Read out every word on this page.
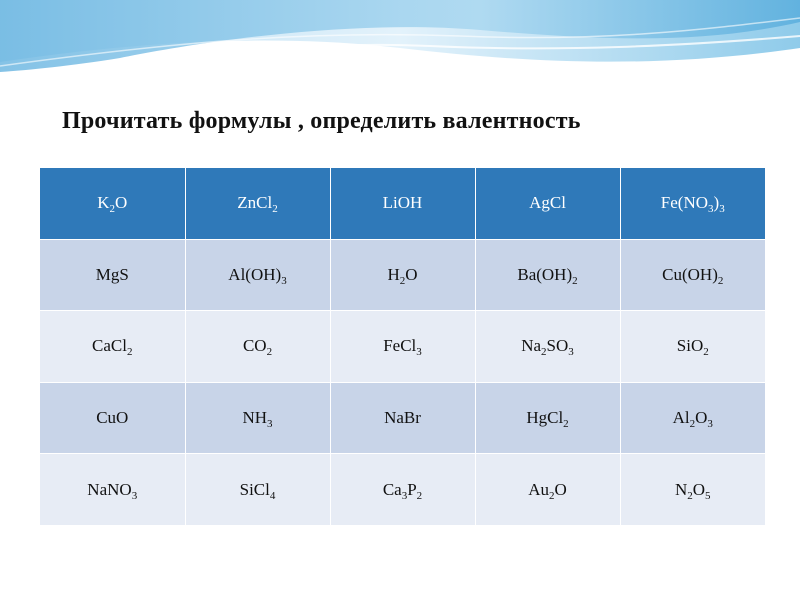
Прочитать формулы , определить валентность
$K_2O$	ZnCl$_2$	LiOH	AgCl	$Fe(NO_3)_3$
MgS	$Al(OH)_3$	$H_2O$	$Ba(OH)_2$	$Cu(OH)_2$
CaCl$_2$	$CO_2$	FeCl$_3$	$Na_2SO_3$	SiO$_2$
CuO	$NH_3$	NaBr	HgCl$_2$	$Al_2O_3$
NaNO$_3$	SiCl$_4$	$Ca_3P_2$	$Au_2O$	$N_2O_5$
